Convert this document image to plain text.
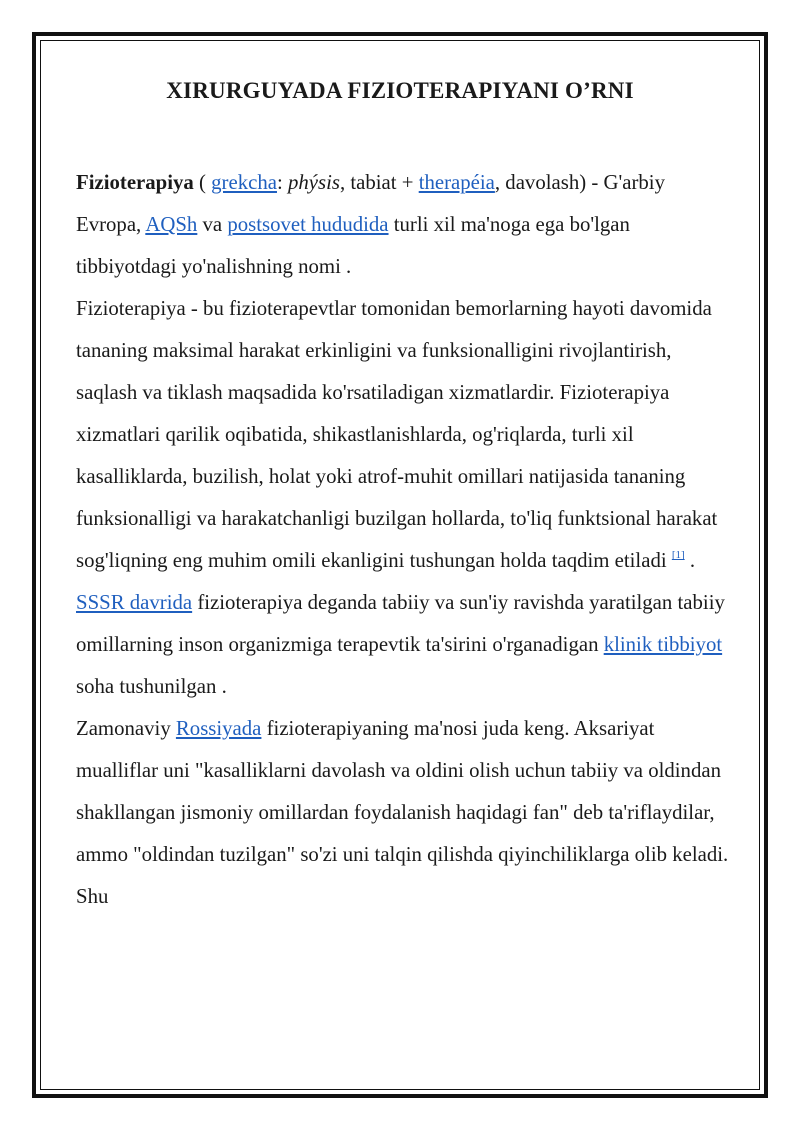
XIRURGUYADA FIZIOTERAPIYANI O’RNI

Fizioterapiya ( grekcha: phýsis, tabiat + therapéia, davolash) - G'arbiy Evropa, AQSh va postsovet hududida turli xil ma'noga ega bo'lgan tibbiyotdagi yo'nalishning nomi .

Fizioterapiya - bu fizioterapevtlar tomonidan bemorlarning hayoti davomida tananing maksimal harakat erkinligini va funksionalligini rivojlantirish, saqlash va tiklash maqsadida ko'rsatiladigan xizmatlardir. Fizioterapiya xizmatlari qarilik oqibatida, shikastlanishlarda, og'riqlarda, turli xil kasalliklarda, buzilish, holat yoki atrof-muhit omillari natijasida tananing funksionalligi va harakatchanligi buzilgan hollarda, to'liq funktsional harakat sog'liqning eng muhim omili ekanligini tushungan holda taqdim etiladi [1] .

SSSR davrida fizioterapiya deganda tabiiy va sun'iy ravishda yaratilgan tabiiy omillarning inson organizmiga terapevtik ta'sirini o'rganadigan klinik tibbiyot soha tushunilgan .

Zamonaviy Rossiyada fizioterapiyaning ma'nosi juda keng. Aksariyat mualliflar uni "kasalliklarni davolash va oldini olish uchun tabiiy va oldindan shakllangan jismoniy omillardan foydalanish haqidagi fan" deb ta'riflaydilar, ammo "oldindan tuzilgan" so'zi uni talqin qilishda qiyinchiliklarga olib keladi. Shu
